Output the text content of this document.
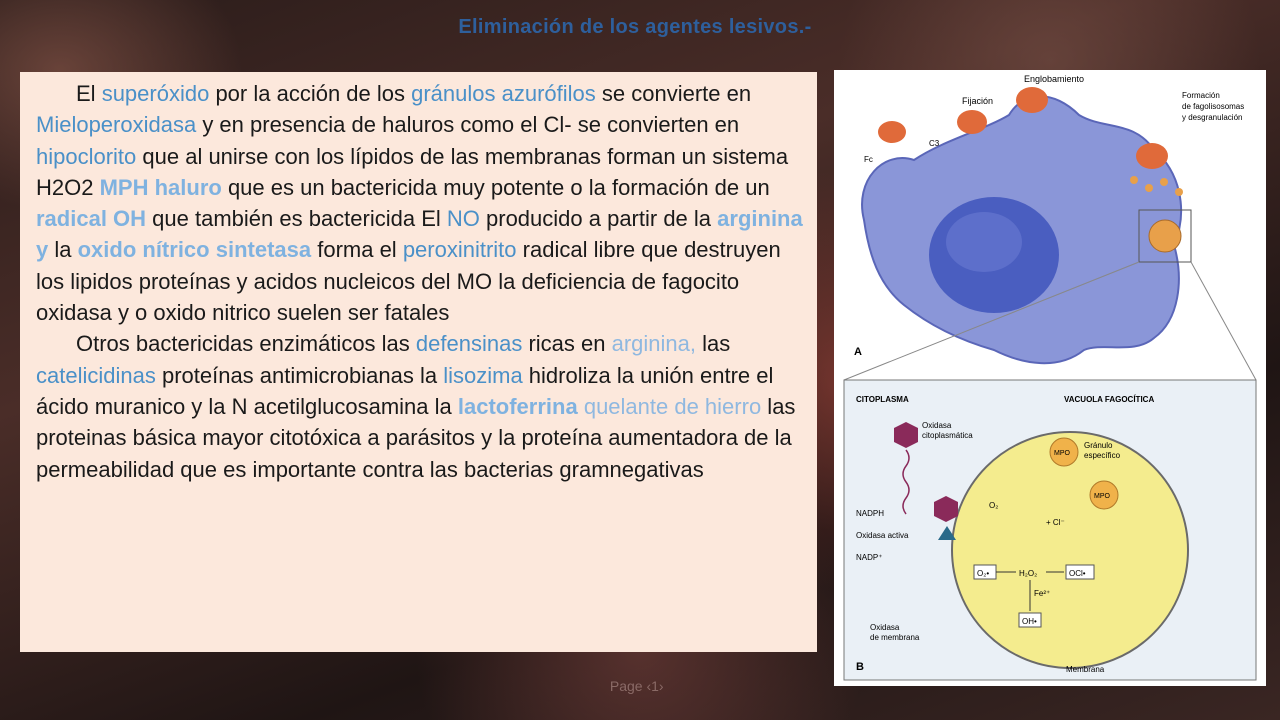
Eliminación de los agentes lesivos.-

El superóxido por la acción de los gránulos azurófilos se convierte en Mieloperoxidasa y en presencia de haluros como el Cl- se convierten en hipoclorito que al unirse con los lípidos de las membranas forman un sistema H2O2 MPH haluro que es un bactericida muy potente o la formación de un radical OH que también es bactericida El NO producido a partir de la arginina y la oxido nítrico sintetasa forma el peroxinitrito radical libre que destruyen los lipidos proteínas y acidos nucleicos del MO la deficiencia de fagocito oxidasa y o oxido nitrico suelen ser fatales

Otros bactericidas enzimáticos las defensinas ricas en arginina, las catelicidinas proteínas antimicrobianas la lisozima hidroliza la unión entre el ácido muranico y la N acetilglucosamina la lactoferrina quelante de hierro las proteinas básica mayor citotóxica a parásitos y la proteína aumentadora de la permeabilidad que es importante contra las bacterias gramnegativas

Englobamiento
Fijación
Formación
de fagolisosomas
y desgranulación
C3
Fc
A
CITOPLASMA	VACUOLA FAGOCÍTICA
Oxidasa
citoplasmática
NADPH
Oxidasa activa
NADP⁺
MPO
Gránulo
específico
MPO
O₂
+ Cl⁻
O₂•	H₂O₂	OCl•
Fe²⁺
OH•
Oxidasa
de membrana
Membrana
B
Page ‹1›
